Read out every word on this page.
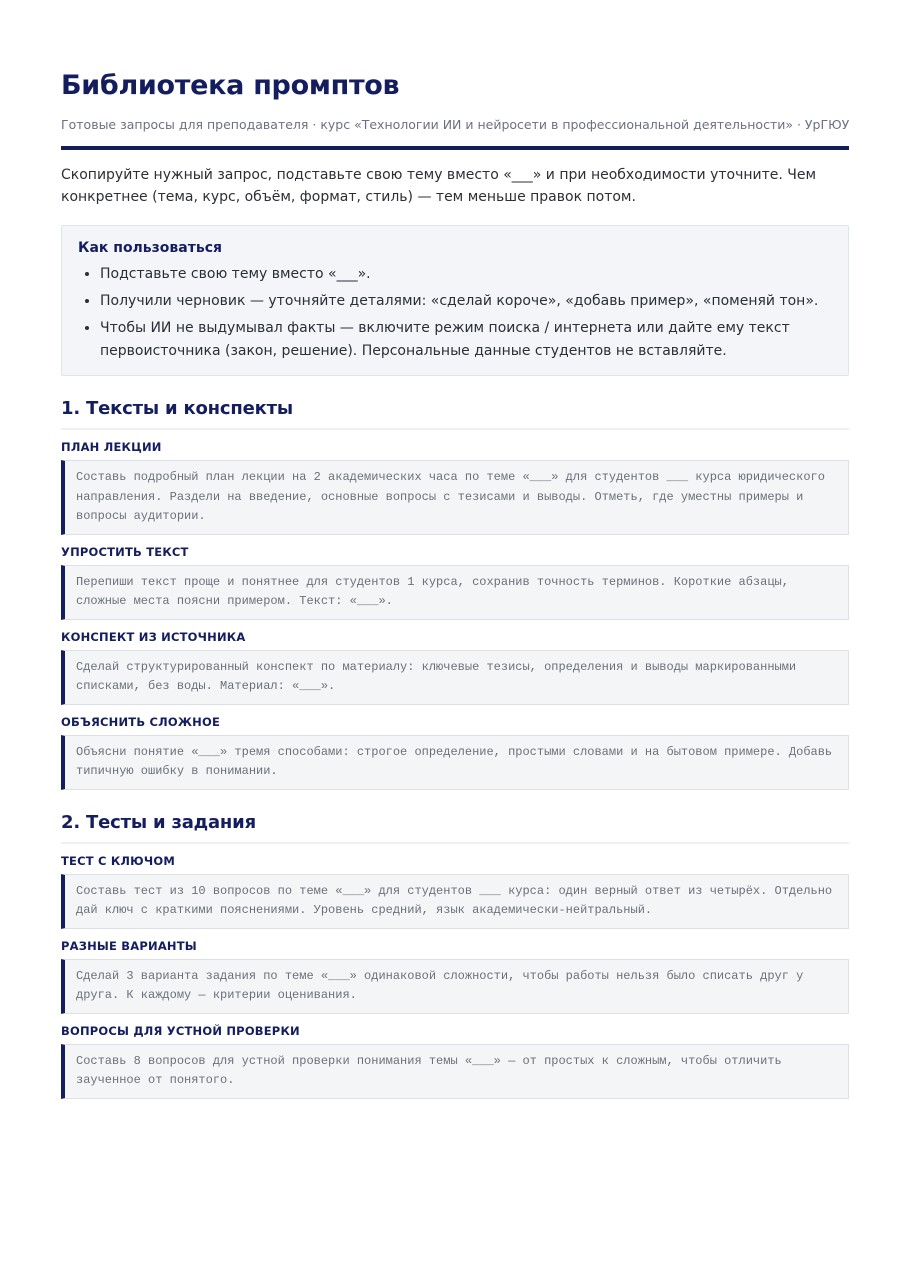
Библиотека промптов
Готовые запросы для преподавателя · курс «Технологии ИИ и нейросети в профессиональной деятельности» · УрГЮУ

Скопируйте нужный запрос, подставьте свою тему вместо «___» и при необходимости уточните. Чем конкретнее (тема, курс, объём, формат, стиль) — тем меньше правок потом.

Как пользоваться
• Подставьте свою тему вместо «___».
• Получили черновик — уточняйте деталями: «сделай короче», «добавь пример», «поменяй тон».
• Чтобы ИИ не выдумывал факты — включите режим поиска / интернета или дайте ему текст первоисточника (закон, решение). Персональные данные студентов не вставляйте.
1. Тексты и конспекты
ПЛАН ЛЕКЦИИ
Составь подробный план лекции на 2 академических часа по теме «___» для студентов ___ курса юридического направления. Раздели на введение, основные вопросы с тезисами и выводы. Отметь, где уместны примеры и вопросы аудитории.
УПРОСТИТЬ ТЕКСТ
Перепиши текст проще и понятнее для студентов 1 курса, сохранив точность терминов. Короткие абзацы, сложные места поясни примером. Текст: «___».
КОНСПЕКТ ИЗ ИСТОЧНИКА
Сделай структурированный конспект по материалу: ключевые тезисы, определения и выводы маркированными списками, без воды. Материал: «___».
ОБЪЯСНИТЬ СЛОЖНОЕ
Объясни понятие «___» тремя способами: строгое определение, простыми словами и на бытовом примере. Добавь типичную ошибку в понимании.
2. Тесты и задания
ТЕСТ С КЛЮЧОМ
Составь тест из 10 вопросов по теме «___» для студентов ___ курса: один верный ответ из четырёх. Отдельно дай ключ с краткими пояснениями. Уровень средний, язык академически-нейтральный.
РАЗНЫЕ ВАРИАНТЫ
Сделай 3 варианта задания по теме «___» одинаковой сложности, чтобы работы нельзя было списать друг у друга. К каждому — критерии оценивания.
ВОПРОСЫ ДЛЯ УСТНОЙ ПРОВЕРКИ
Составь 8 вопросов для устной проверки понимания темы «___» — от простых к сложным, чтобы отличить заученное от понятого.
